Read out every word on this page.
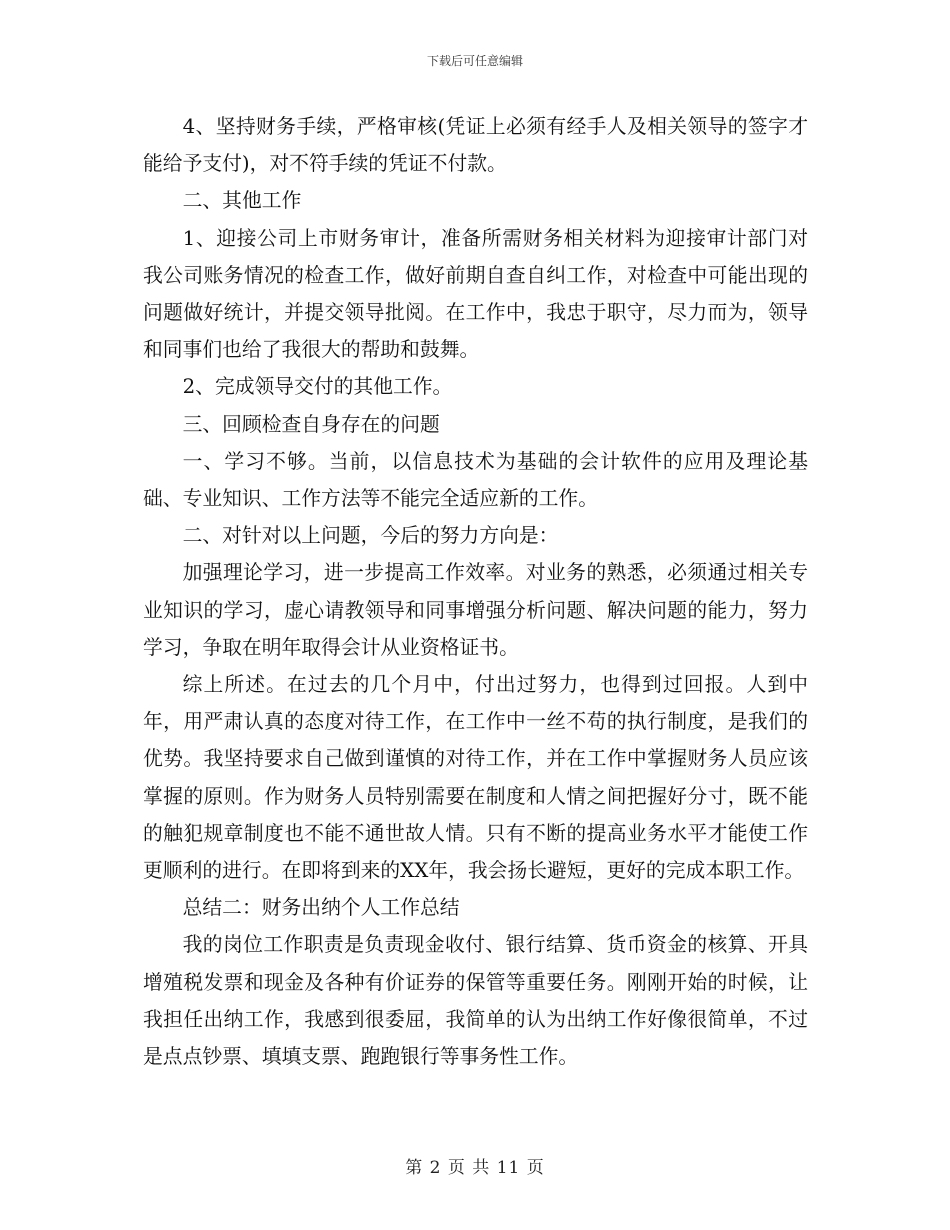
下载后可任意编辑

4、坚持财务手续，严格审核(凭证上必须有经手人及相关领导的签字才能给予支付)，对不符手续的凭证不付款。

二、其他工作

1、迎接公司上市财务审计，准备所需财务相关材料为迎接审计部门对我公司账务情况的检查工作，做好前期自查自纠工作，对检查中可能出现的问题做好统计，并提交领导批阅。在工作中，我忠于职守，尽力而为，领导和同事们也给了我很大的帮助和鼓舞。

2、完成领导交付的其他工作。

三、回顾检查自身存在的问题

一、学习不够。当前，以信息技术为基础的会计软件的应用及理论基础、专业知识、工作方法等不能完全适应新的工作。

二、对针对以上问题，今后的努力方向是：

加强理论学习，进一步提高工作效率。对业务的熟悉，必须通过相关专业知识的学习，虚心请教领导和同事增强分析问题、解决问题的能力，努力学习，争取在明年取得会计从业资格证书。

综上所述。在过去的几个月中，付出过努力，也得到过回报。人到中年，用严肃认真的态度对待工作，在工作中一丝不苟的执行制度，是我们的优势。我坚持要求自己做到谨慎的对待工作，并在工作中掌握财务人员应该掌握的原则。作为财务人员特别需要在制度和人情之间把握好分寸，既不能的触犯规章制度也不能不通世故人情。只有不断的提高业务水平才能使工作更顺利的进行。在即将到来的XX年，我会扬长避短，更好的完成本职工作。

总结二：财务出纳个人工作总结

我的岗位工作职责是负责现金收付、银行结算、货币资金的核算、开具增殖税发票和现金及各种有价证券的保管等重要任务。刚刚开始的时候，让我担任出纳工作，我感到很委屈，我简单的认为出纳工作好像很简单，不过是点点钞票、填填支票、跑跑银行等事务性工作。

第 2 页 共 11 页
